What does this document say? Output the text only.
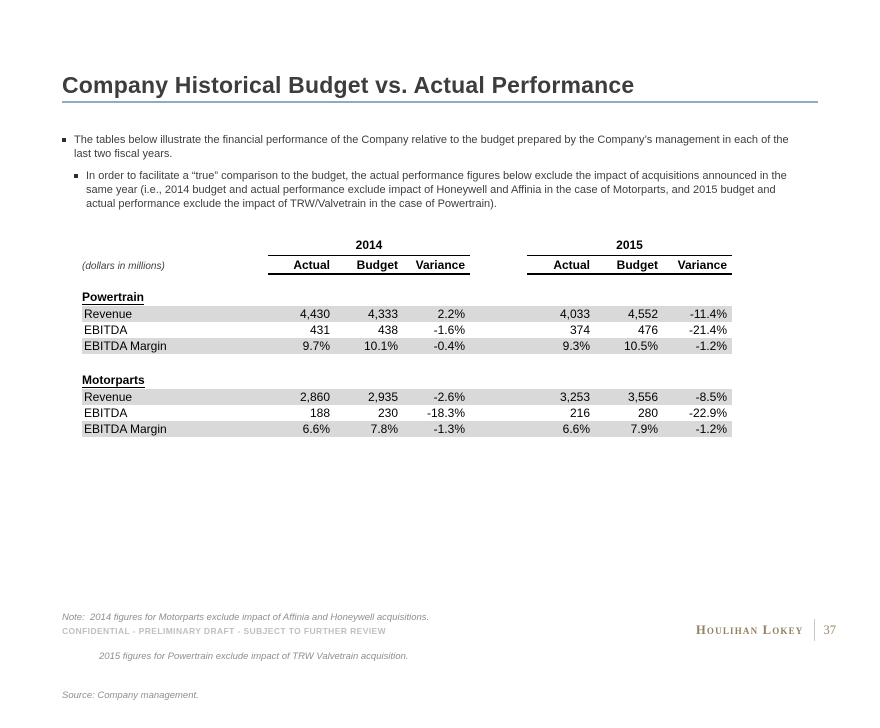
Company Historical Budget vs. Actual Performance
The tables below illustrate the financial performance of the Company relative to the budget prepared by the Company’s management in each of the last two fiscal years.
In order to facilitate a “true” comparison to the budget, the actual performance figures below exclude the impact of acquisitions announced in the same year (i.e., 2014 budget and actual performance exclude impact of Honeywell and Affinia in the case of Motorparts, and 2015 budget and actual performance exclude the impact of TRW/Valvetrain in the case of Powertrain).
2014	2015
(dollars in millions)	Actual	Budget	Variance	Actual	Budget	Variance
Powertrain
Revenue	4,430	4,333	2.2%	4,033	4,552	-11.4%
EBITDA	431	438	-1.6%	374	476	-21.4%
EBITDA Margin	9.7%	10.1%	-0.4%	9.3%	10.5%	-1.2%
Motorparts
Revenue	2,860	2,935	-2.6%	3,253	3,556	-8.5%
EBITDA	188	230	-18.3%	216	280	-22.9%
EBITDA Margin	6.6%	7.8%	-1.3%	6.6%	7.9%	-1.2%

Note:  2014 figures for Motorparts exclude impact of Affinia and Honeywell acquisitions.

2015 figures for Powertrain exclude impact of TRW Valvetrain acquisition.

Source: Company management.

CONFIDENTIAL - PRELIMINARY DRAFT - SUBJECT TO FURTHER REVIEW	Houlihan Lokey 37
